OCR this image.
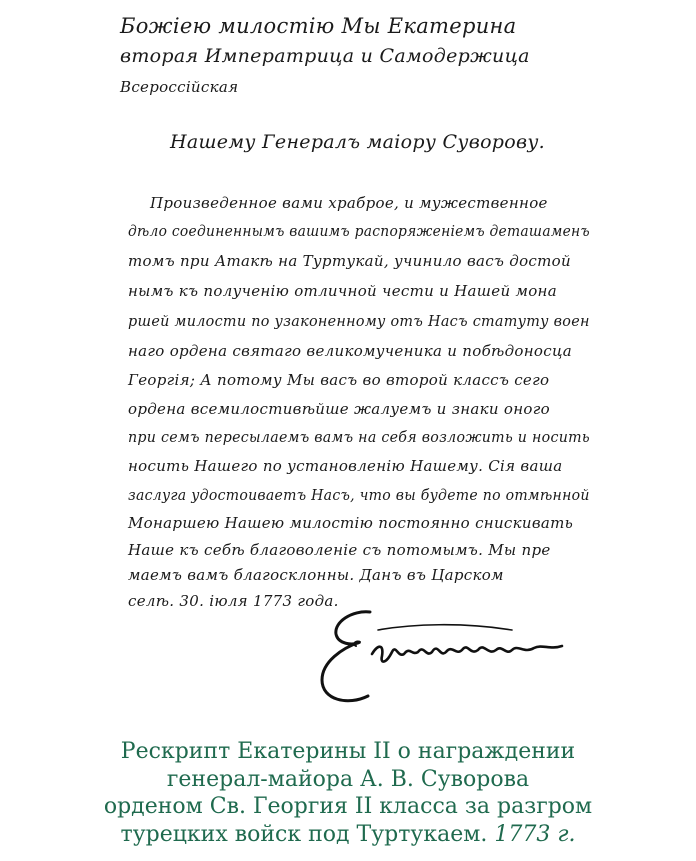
Божiею милостiю Мы Екатерина
вторая Императрица и Самодержица
Всероссiйская
Нашему Генералъ маiору Суворову.
Произведенное вами храброе, и мужественное
дѣло соединеннымъ вашимъ распоряженiемъ деташаменъ
томъ при Атакѣ на Туртукай, учинило васъ достой
нымъ къ полученiю отличной чести и Нашей мона
ршей милости по узаконенному отъ Насъ статуту воен
наго ордена святаго великомученика и побѣдоносца
Георгiя; А потому Мы васъ во второй классъ сего
ордена всемилостивѣйше жалуемъ и знаки оного
при семъ пересылаемъ вамъ на себя возложить и носить
носить Нашего по установленiю Нашему. Сiя ваша
заслуга удостоиваетъ Насъ, что вы будете по отмѣнной
Монаршею Нашею милостiю постоянно снискивать
Наше къ себѣ благоволенiе съ потомымъ. Мы пре
маемъ вамъ благосклонны. Данъ въ Царском
селѣ. 30. iюля 1773 года.
Рескрипт Екатерины II о награждении
генерал-майора А. В. Суворова
орденом Св. Георгия II класса за разгром
турецких войск под Туртукаем. 1773 г.
